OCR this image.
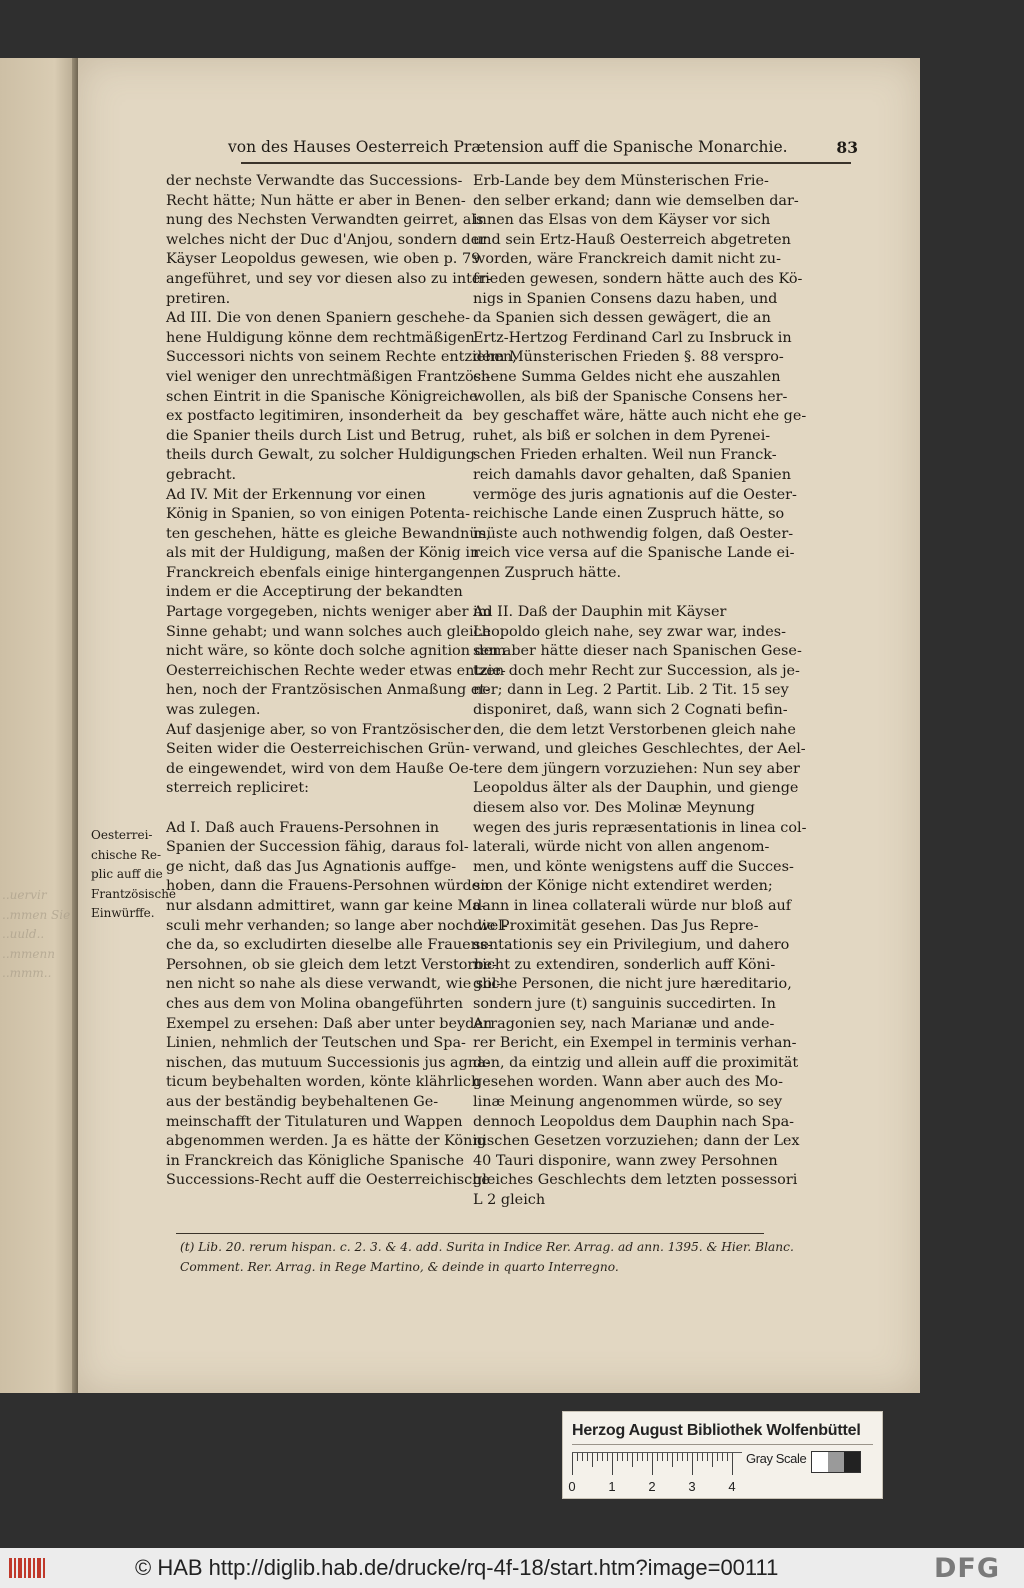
..uervir
..mmen Sie
..uuld..
..mmenn
..mmm..
von des Hauses Oesterreich Prætension auff die Spanische Monarchie.	83
Oesterrei-
chische Re-
plic auff die
Frantzösische
Einwürffe.
der nechste Verwandte das Successions-
Recht hätte; Nun hätte er aber in Benen-
nung des Nechsten Verwandten geirret, als
welches nicht der Duc d'Anjou, sondern der
Käyser Leopoldus gewesen, wie oben p. 79
angeführet, und sey vor diesen also zu inter-
pretiren.
Ad III. Die von denen Spaniern geschehe-
hene Huldigung könne dem rechtmäßigen
Successori nichts von seinem Rechte entziehen,
viel weniger den unrechtmäßigen Frantzösi-
schen Eintrit in die Spanische Königreiche
ex postfacto legitimiren, insonderheit da
die Spanier theils durch List und Betrug,
theils durch Gewalt, zu solcher Huldigung
gebracht.
Ad IV. Mit der Erkennung vor einen
König in Spanien, so von einigen Potenta-
ten geschehen, hätte es gleiche Bewandnüs,
als mit der Huldigung, maßen der König in
Franckreich ebenfals einige hintergangen,
indem er die Acceptirung der bekandten
Partage vorgegeben, nichts weniger aber im
Sinne gehabt; und wann solches auch gleich
nicht wäre, so könte doch solche agnition dem
Oesterreichischen Rechte weder etwas entzie-
hen, noch der Frantzösischen Anmaßung et-
was zulegen.
Auf dasjenige aber, so von Frantzösischer
Seiten wider die Oesterreichischen Grün-
de eingewendet, wird von dem Hauße Oe-
sterreich repliciret:
Ad I. Daß auch Frauens-Persohnen in
Spanien der Succession fähig, daraus fol-
ge nicht, daß das Jus Agnationis auffge-
hoben, dann die Frauens-Persohnen würden
nur alsdann admittiret, wann gar keine Ma-
sculi mehr verhanden; so lange aber noch wel-
che da, so excludirten dieselbe alle Frauens-
Persohnen, ob sie gleich dem letzt Verstorbe-
nen nicht so nahe als diese verwandt, wie sol-
ches aus dem von Molina obangeführten
Exempel zu ersehen: Daß aber unter beyden
Linien, nehmlich der Teutschen und Spa-
nischen, das mutuum Successionis jus agna-
ticum beybehalten worden, könte klährlich
aus der beständig beybehaltenen Ge-
meinschafft der Titulaturen und Wappen
abgenommen werden. Ja es hätte der König
in Franckreich das Königliche Spanische
Successions-Recht auff die Oesterreichische
Erb-Lande bey dem Münsterischen Frie-
den selber erkand; dann wie demselben dar-
innen das Elsas von dem Käyser vor sich
und sein Ertz-Hauß Oesterreich abgetreten
worden, wäre Franckreich damit nicht zu-
frieden gewesen, sondern hätte auch des Kö-
nigs in Spanien Consens dazu haben, und
da Spanien sich dessen gewägert, die an
Ertz-Hertzog Ferdinand Carl zu Insbruck in
dem Münsterischen Frieden §. 88 verspro-
chene Summa Geldes nicht ehe auszahlen
wollen, als biß der Spanische Consens her-
bey geschaffet wäre, hätte auch nicht ehe ge-
ruhet, als biß er solchen in dem Pyrenei-
schen Frieden erhalten. Weil nun Franck-
reich damahls davor gehalten, daß Spanien
vermöge des juris agnationis auf die Oester-
reichische Lande einen Zuspruch hätte, so
müste auch nothwendig folgen, daß Oester-
reich vice versa auf die Spanische Lande ei-
nen Zuspruch hätte.
Ad II. Daß der Dauphin mit Käyser
Leopoldo gleich nahe, sey zwar war, indes-
sen aber hätte dieser nach Spanischen Gese-
tzen doch mehr Recht zur Succession, als je-
ner; dann in Leg. 2 Partit. Lib. 2 Tit. 15 sey
disponiret, daß, wann sich 2 Cognati befin-
den, die dem letzt Verstorbenen gleich nahe
verwand, und gleiches Geschlechtes, der Ael-
tere dem jüngern vorzuziehen: Nun sey aber
Leopoldus älter als der Dauphin, und gienge
diesem also vor. Des Molinæ Meynung
wegen des juris repræsentationis in linea col-
laterali, würde nicht von allen angenom-
men, und könte wenigstens auff die Succes-
sion der Könige nicht extendiret werden;
dann in linea collaterali würde nur bloß auf
die Proximität gesehen. Das Jus Repre-
sentationis sey ein Privilegium, und dahero
nicht zu extendiren, sonderlich auff Köni-
gliche Personen, die nicht jure hæreditario,
sondern jure (t) sanguinis succedirten. In
Arragonien sey, nach Marianæ und ande-
rer Bericht, ein Exempel in terminis verhan-
den, da eintzig und allein auff die proximität
gesehen worden. Wann aber auch des Mo-
linæ Meinung angenommen würde, so sey
dennoch Leopoldus dem Dauphin nach Spa-
nischen Gesetzen vorzuziehen; dann der Lex
40 Tauri disponire, wann zwey Persohnen
gleiches Geschlechts dem letzten possessori
L 2 gleich
(t) Lib. 20. rerum hispan. c. 2. 3. & 4. add. Surita in Indice Rer. Arrag. ad ann. 1395. & Hier. Blanc.
Comment. Rer. Arrag. in Rege Martino, & deinde in quarto Interregno.
Herzog August Bibliothek Wolfenbüttel
0	1	2	3	4
Gray Scale
© HAB http://diglib.hab.de/drucke/rq-4f-18/start.htm?image=00111	DFG
